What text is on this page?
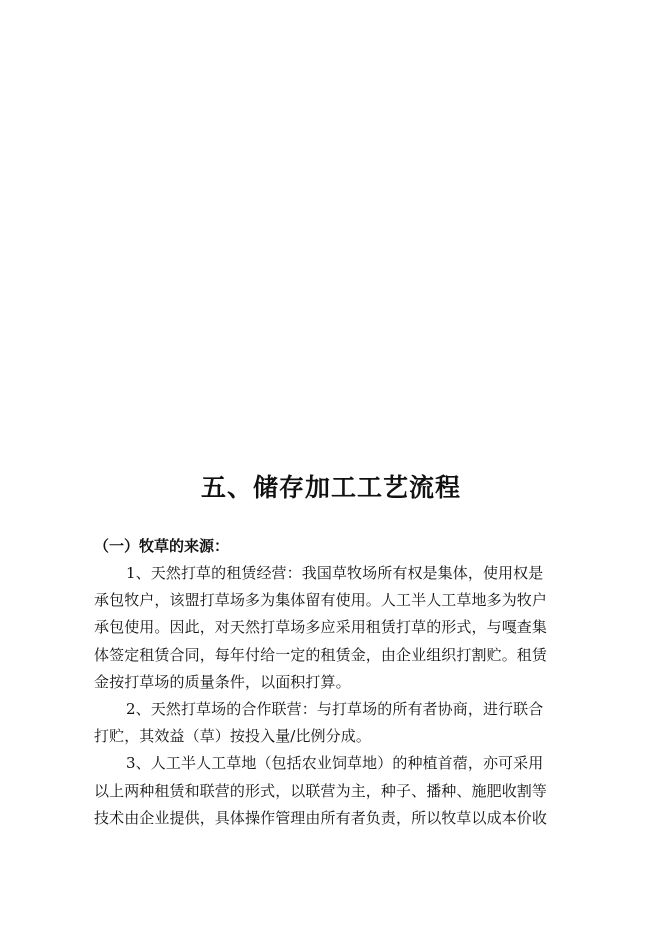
五、储存加工工艺流程
（一）牧草的来源：
1、天然打草的租赁经营：我国草牧场所有权是集体，使用权是
承包牧户，该盟打草场多为集体留有使用。人工半人工草地多为牧户
承包使用。因此，对天然打草场多应采用租赁打草的形式，与嘎查集
体签定租赁合同，每年付给一定的租赁金，由企业组织打割贮。租赁
金按打草场的质量条件，以面积打算。
2、天然打草场的合作联营：与打草场的所有者协商，进行联合
打贮，其效益（草）按投入量/比例分成。
3、人工半人工草地（包括农业饲草地）的种植首蓿，亦可采用
以上两种租赁和联营的形式，以联营为主，种子、播种、施肥收割等
技术由企业提供，具体操作管理由所有者负责，所以牧草以成本价收
